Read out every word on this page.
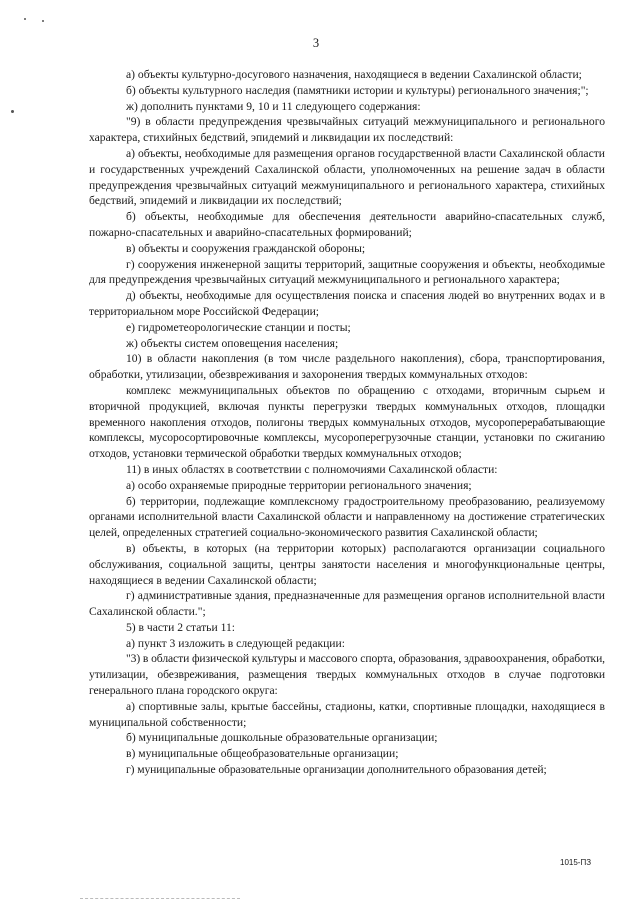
3

а) объекты культурно-досугового назначения, находящиеся в ведении Сахалинской области;

б) объекты культурного наследия (памятники истории и культуры) регионального значения;";

ж) дополнить пунктами 9, 10 и 11 следующего содержания:

"9) в области предупреждения чрезвычайных ситуаций межмуниципального и регионального характера, стихийных бедствий, эпидемий и ликвидации их последствий:

а) объекты, необходимые для размещения органов государственной власти Сахалинской области и государственных учреждений Сахалинской области, уполномоченных на решение задач в области предупреждения чрезвычайных ситуаций межмуниципального и регионального характера, стихийных бедствий, эпидемий и ликвидации их последствий;

б) объекты, необходимые для обеспечения деятельности аварийно-спасательных служб, пожарно-спасательных и аварийно-спасательных формирований;

в) объекты и сооружения гражданской обороны;

г) сооружения инженерной защиты территорий, защитные сооружения и объекты, необходимые для предупреждения чрезвычайных ситуаций межмуниципального и регионального характера;

д) объекты, необходимые для осуществления поиска и спасения людей во внутренних водах и в территориальном море Российской Федерации;

е) гидрометеорологические станции и посты;

ж) объекты систем оповещения населения;

10) в области накопления (в том числе раздельного накопления), сбора, транспортирования, обработки, утилизации, обезвреживания и захоронения твердых коммунальных отходов:

комплекс межмуниципальных объектов по обращению с отходами, вторичным сырьем и вторичной продукцией, включая пункты перегрузки твердых коммунальных отходов, площадки временного накопления отходов, полигоны твердых коммунальных отходов, мусороперерабатывающие комплексы, мусоросортировочные комплексы, мусороперегрузочные станции, установки по сжиганию отходов, установки термической обработки твердых коммунальных отходов;

11) в иных областях в соответствии с полномочиями Сахалинской области:

а) особо охраняемые природные территории регионального значения;

б) территории, подлежащие комплексному градостроительному преобразованию, реализуемому органами исполнительной власти Сахалинской области и направленному на достижение стратегических целей, определенных стратегией социально-экономического развития Сахалинской области;

в) объекты, в которых (на территории которых) располагаются организации социального обслуживания, социальной защиты, центры занятости населения и многофункциональные центры, находящиеся в ведении Сахалинской области;

г) административные здания, предназначенные для размещения органов исполнительной власти Сахалинской области.";

5) в части 2 статьи 11:

а) пункт 3 изложить в следующей редакции:

"3) в области физической культуры и массового спорта, образования, здравоохранения, обработки, утилизации, обезвреживания, размещения твердых коммунальных отходов в случае подготовки генерального плана городского округа:

а) спортивные залы, крытые бассейны, стадионы, катки, спортивные площадки, находящиеся в муниципальной собственности;

б) муниципальные дошкольные образовательные организации;

в) муниципальные общеобразовательные организации;

г) муниципальные образовательные организации дополнительного образования детей;

1015-ПЗ
